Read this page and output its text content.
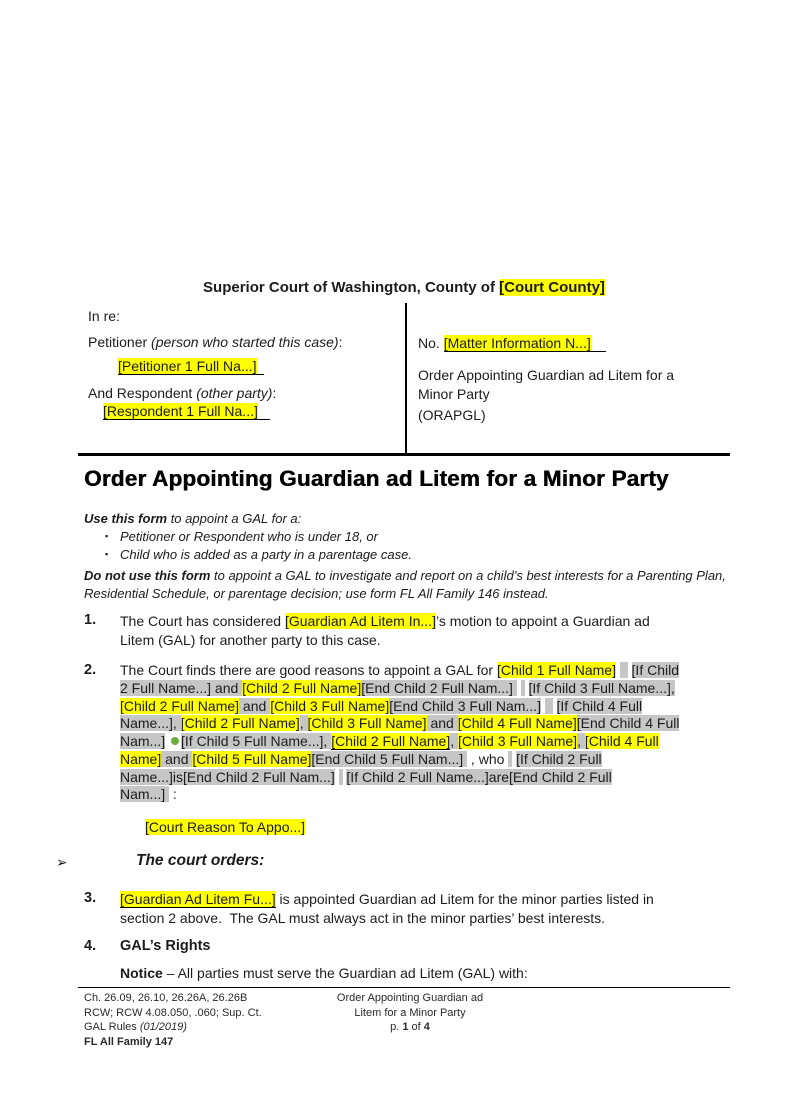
Superior Court of Washington, County of [Court County]
In re:
Petitioner (person who started this case):
[Petitioner 1 Full Na...]
And Respondent (other party):
[Respondent 1 Full Na...]
No. [Matter Information N...]
Order Appointing Guardian ad Litem for a
Minor Party
(ORAPGL)
Order Appointing Guardian ad Litem for a Minor Party
Use this form to appoint a GAL for a:
▪ Petitioner or Respondent who is under 18, or
▪ Child who is added as a party in a parentage case.
Do not use this form to appoint a GAL to investigate and report on a child’s best interests for a Parenting Plan,
Residential Schedule, or parentage decision; use form FL All Family 146 instead.
1. The Court has considered [Guardian Ad Litem In...]’s motion to appoint a Guardian ad
Litem (GAL) for another party to this case.
2. The Court finds there are good reasons to appoint a GAL for [Child 1 Full Name] [If Child
2 Full Name...] and [Child 2 Full Name][End Child 2 Full Nam...] [If Child 3 Full Name...],
[Child 2 Full Name] and [Child 3 Full Name][End Child 3 Full Nam...] [If Child 4 Full
Name...], [Child 2 Full Name], [Child 3 Full Name] and [Child 4 Full Name][End Child 4 Full
Nam...] [If Child 5 Full Name...], [Child 2 Full Name], [Child 3 Full Name], [Child 4 Full
Name] and [Child 5 Full Name][End Child 5 Full Nam...]  , who   [If Child 2 Full
Name...]is[End Child 2 Full Nam...] [If Child 2 Full Name...]are[End Child 2 Full
Nam...]  :
[Court Reason To Appo...]
➢	The court orders:
3. [Guardian Ad Litem Fu...] is appointed Guardian ad Litem for the minor parties listed in
section 2 above.  The GAL must always act in the minor parties’ best interests.
4. GAL’s Rights
Notice – All parties must serve the Guardian ad Litem (GAL) with:
Ch. 26.09, 26.10, 26.26A, 26.26B
RCW; RCW 4.08.050, .060; Sup. Ct.
GAL Rules (01/2019)
FL All Family 147
Order Appointing Guardian ad
Litem for a Minor Party
p. 1 of 4
